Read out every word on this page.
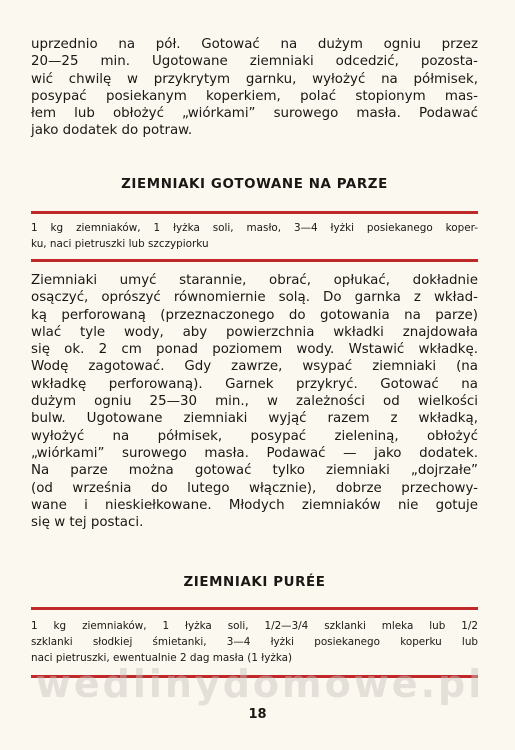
uprzednio na pół. Gotować na dużym ogniu przez
20—25 min. Ugotowane ziemniaki odcedzić, pozosta-
wić chwilę w przykrytym garnku, wyłożyć na półmisek,
posypać posiekanym koperkiem, polać stopionym mas-
łem lub obłożyć „wiórkami” surowego masła. Podawać
jako dodatek do potraw.
ZIEMNIAKI GOTOWANE NA PARZE
1 kg ziemniaków, 1 łyżka soli, masło, 3—4 łyżki posiekanego koper-
ku, naci pietruszki lub szczypiorku
Ziemniaki umyć starannie, obrać, opłukać, dokładnie
osączyć, oprószyć równomiernie solą. Do garnka z wkład-
ką perforowaną (przeznaczonego do gotowania na parze)
wlać tyle wody, aby powierzchnia wkładki znajdowała
się ok. 2 cm ponad poziomem wody. Wstawić wkładkę.
Wodę zagotować. Gdy zawrze, wsypać ziemniaki (na
wkładkę perforowaną). Garnek przykryć. Gotować na
dużym ogniu 25—30 min., w zależności od wielkości
bulw. Ugotowane ziemniaki wyjąć razem z wkładką,
wyłożyć na półmisek, posypać zieleniną, obłożyć
„wiórkami” surowego masła. Podawać — jako dodatek.
Na parze można gotować tylko ziemniaki „dojrzałe”
(od września do lutego włącznie), dobrze przechowy-
wane i nieskiełkowane. Młodych ziemniaków nie gotuje
się w tej postaci.
ZIEMNIAKI PURÉE
1 kg ziemniaków, 1 łyżka soli, 1/2—3/4 szklanki mleka lub 1/2
szklanki słodkiej śmietanki, 3—4 łyżki posiekanego koperku lub
naci pietruszki, ewentualnie 2 dag masła (1 łyżka)
wedlinydomowe.pl
18
